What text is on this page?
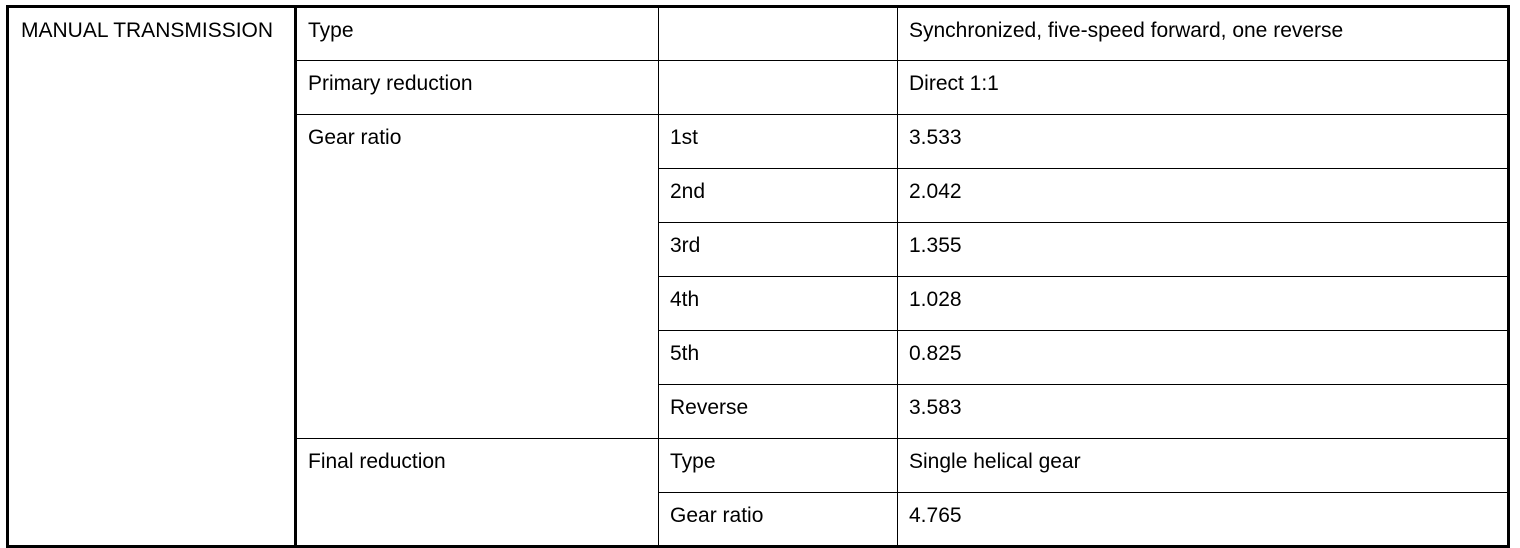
MANUAL TRANSMISSION	Type		Synchronized, five-speed forward, one reverse
	Primary reduction		Direct 1:1
	Gear ratio	1st	3.533
		2nd	2.042
		3rd	1.355
		4th	1.028
		5th	0.825
		Reverse	3.583
	Final reduction	Type	Single helical gear
		Gear ratio	4.765
